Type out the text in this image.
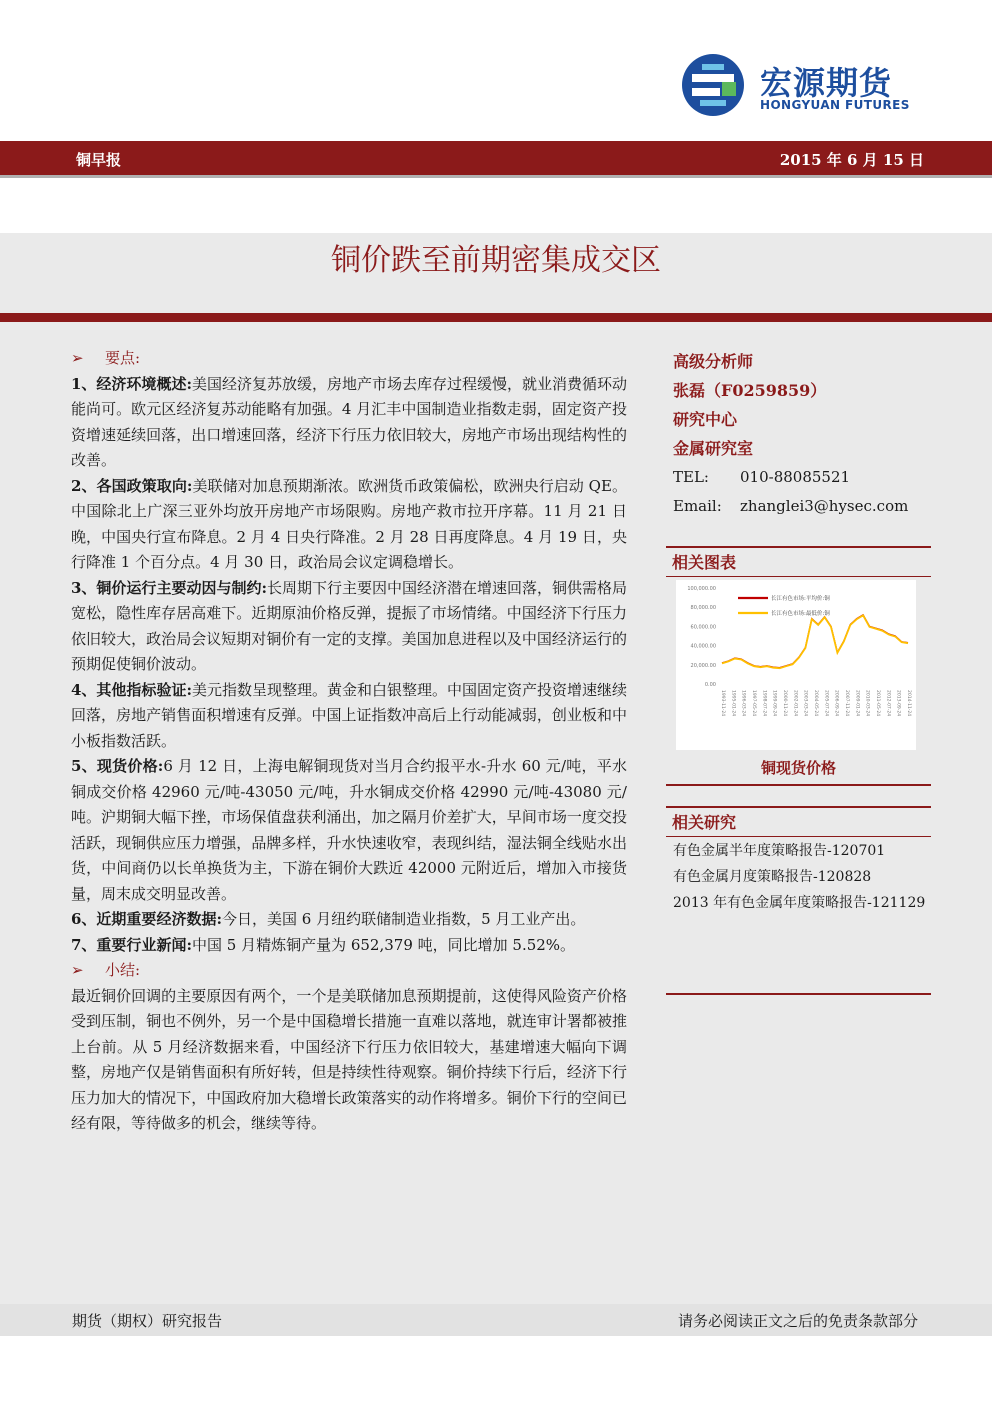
宏源期货
HONGYUAN FUTURES
铜早报	2015 年 6 月 15 日
铜价跌至前期密集成交区

➢ 要点:

1、经济环境概述:美国经济复苏放缓，房地产市场去库存过程缓慢，就业消费循环动能尚可。欧元区经济复苏动能略有加强。4 月汇丰中国制造业指数走弱，固定资产投资增速延续回落，出口增速回落，经济下行压力依旧较大，房地产市场出现结构性的改善。

2、各国政策取向:美联储对加息预期渐浓。欧洲货币政策偏松，欧洲央行启动 QE。中国除北上广深三亚外均放开房地产市场限购。房地产救市拉开序幕。11 月 21 日晚，中国央行宣布降息。2 月 4 日央行降准。2 月 28 日再度降息。4 月 19 日，央行降准 1 个百分点。4 月 30 日，政治局会议定调稳增长。

3、铜价运行主要动因与制约:长周期下行主要因中国经济潜在增速回落，铜供需格局宽松，隐性库存居高难下。近期原油价格反弹，提振了市场情绪。中国经济下行压力依旧较大，政治局会议短期对铜价有一定的支撑。美国加息进程以及中国经济运行的预期促使铜价波动。

4、其他指标验证:美元指数呈现整理。黄金和白银整理。中国固定资产投资增速继续回落，房地产销售面积增速有反弹。中国上证指数冲高后上行动能减弱，创业板和中小板指数活跃。

5、现货价格:6 月 12 日，上海电解铜现货对当月合约报平水-升水 60 元/吨，平水铜成交价格 42960 元/吨-43050 元/吨，升水铜成交价格 42990 元/吨-43080 元/吨。沪期铜大幅下挫，市场保值盘获利涌出，加之隔月价差扩大，早间市场一度交投活跃，现铜供应压力增强，品牌多样，升水快速收窄，表现纠结，湿法铜全线贴水出货，中间商仍以长单换货为主，下游在铜价大跌近 42000 元附近后，增加入市接货量，周末成交明显改善。

6、近期重要经济数据:今日，美国 6 月纽约联储制造业指数，5 月工业产出。

7、重要行业新闻:中国 5 月精炼铜产量为 652,379 吨，同比增加 5.52%。

➢ 小结:

最近铜价回调的主要原因有两个，一个是美联储加息预期提前，这使得风险资产价格受到压制，铜也不例外，另一个是中国稳增长措施一直难以落地，就连审计署都被推上台前。从 5 月经济数据来看，中国经济下行压力依旧较大，基建增速大幅向下调整，房地产仅是销售面积有所好转，但是持续性待观察。铜价持续下行后，经济下行压力加大的情况下，中国政府加大稳增长政策落实的动作将增多。铜价下行的空间已经有限，等待做多的机会，继续等待。

高级分析师
张磊（F0259859）
研究中心
金属研究室
TEL: 010-88085521
Email: zhanglei3@hysec.com
相关图表
100,000.00
80,000.00
60,000.00
40,000.00
20,000.00
0.00
1993-11-24 1995-01-24 1996-03-24 1997-05-24 1998-07-24 1999-09-24 2000-11-24 2002-01-24 2003-03-24 2004-05-24 2005-07-24 2006-09-24 2007-11-24 2009-01-24 2010-03-24 2011-05-24 2012-07-24 2013-09-24 2014-11-24
长江有色市场:平均价:铜
长江有色市场:最低价:铜
铜现货价格
相关研究
有色金属半年度策略报告-120701
有色金属月度策略报告-120828
2013 年有色金属年度策略报告-121129
期货（期权）研究报告	请务必阅读正文之后的免责条款部分
